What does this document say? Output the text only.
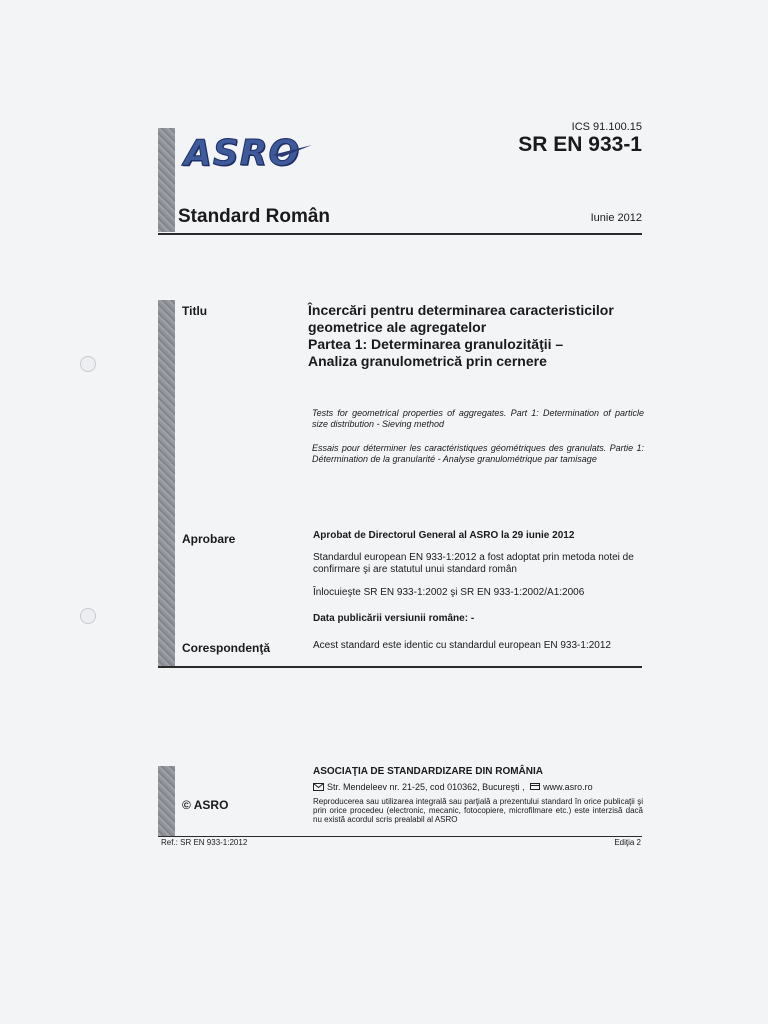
ASRO
ICS 91.100.15
SR EN 933-1
Standard Român	Iunie 2012
Titlu	Încercări pentru determinarea caracteristicilor
geometrice ale agregatelor
Partea 1: Determinarea granulozităţii –
Analiza granulometrică prin cernere
Tests for geometrical properties of aggregates. Part 1: Determination of particle size distribution - Sieving method
Essais pour déterminer les caractéristiques géométriques des granulats. Partie 1: Détermination de la granularité - Analyse granulométrique par tamisage
Aprobare	Aprobat de Directorul General al ASRO la 29 iunie 2012
Standardul european EN 933-1:2012 a fost adoptat prin metoda notei de confirmare şi are statutul unui standard român
Înlocuieşte SR EN 933-1:2002 şi SR EN 933-1:2002/A1:2006
Data publicării versiunii române: -
Corespondenţă	Acest standard este identic cu standardul european EN 933-1:2012
© ASRO
ASOCIAŢIA DE STANDARDIZARE DIN ROMÂNIA
Str. Mendeleev nr. 21-25, cod 010362, Bucureşti , www.asro.ro
Reproducerea sau utilizarea integrală sau parţială a prezentului standard în orice publicaţii şi prin orice procedeu (electronic, mecanic, fotocopiere, microfilmare etc.) este interzisă dacă nu există acordul scris prealabil al ASRO
Ref.: SR EN 933-1:2012	Ediţia 2
